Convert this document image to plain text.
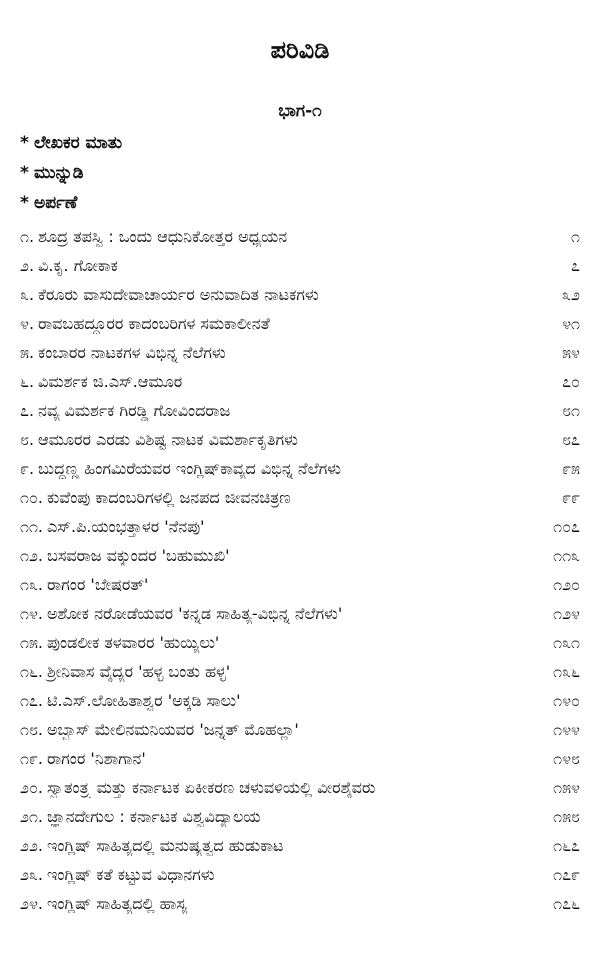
ಪರಿವಿಡಿ
ಭಾಗ-೧
* ಲೇಖಕರ ಮಾತು
* ಮುನ್ನುಡಿ
* ಅರ್ಪಣೆ
೧. ಶೂದ್ರ ತಪಸ್ವಿ : ಒಂದು ಆಧುನಿಕೋತ್ತರ ಅಧ್ಯಯನ	೧
೨. ವಿ.ಕೃ. ಗೋಕಾಕ	೭
೩. ಕೆರೂರು ವಾಸುದೇವಾಚಾರ್ಯರ ಅನುವಾದಿತ ನಾಟಕಗಳು	೩೨
೪. ರಾವಬಹದ್ದೂರರ ಕಾದಂಬರಿಗಳ ಸಮಕಾಲೀನತೆ	೪೧
೫. ಕಂಬಾರರ ನಾಟಕಗಳ ವಿಭಿನ್ನ ನೆಲೆಗಳು	೫೪
೬. ವಿಮರ್ಶಕ ಜಿ.ಎಸ್.ಆಮೂರ	೭೦
೭. ನವ್ಯ ವಿಮರ್ಶಕ ಗಿರಡ್ಡಿ ಗೋವಿಂದರಾಜ	೮೧
೮. ಆಮೂರರ ಎರಡು ವಿಶಿಷ್ಟ ನಾಟಕ ವಿಮರ್ಶಾಕೃತಿಗಳು	೮೭
೯. ಬುದ್ಧಣ್ಣ ಹಿಂಗಮಿರೆಯವರ ಇಂಗ್ಲಿಷ್‌ಕಾವ್ಯದ ವಿಭಿನ್ನ ನೆಲೆಗಳು	೯೫
೧೦. ಕುವೆಂಪು ಕಾದಂಬರಿಗಳಲ್ಲಿ ಜನಪದ ಜೀವನಚಿತ್ರಣ	೯೯
೧೧. ಎಸ್.ಪಿ.ಯಂಭತ್ತಾಳರ 'ನೆನಪು'	೧೦೭
೧೨. ಬಸವರಾಜ ವಕ್ಕುಂದರ 'ಬಹುಮುಖಿ'	೧೧೩
೧೩. ರಾಗಂರ 'ಬೇಷರತ್'	೧೨೦
೧೪. ಅಶೋಕ ನರೋಡೆಯವರ 'ಕನ್ನಡ ಸಾಹಿತ್ಯ-ವಿಭಿನ್ನ ನೆಲೆಗಳು'	೧೨೪
೧೫. ಪುಂಡಲೀಕ ತಳವಾರರ 'ಹುಯ್ಯಿಲು'	೧೩೧
೧೬. ಶ್ರೀನಿವಾಸ ವೈದ್ಯರ 'ಹಳ್ಳ ಬಂತು ಹಳ್ಳ'	೧೩೬
೧೭. ಟಿ.ಎಸ್.ಲೋಹಿತಾಶ್ವರ 'ಅಕ್ಕಡಿ ಸಾಲು'	೧೪೦
೧೮. ಅಬ್ಬಾಸ್ ಮೇಲಿನಮನಿಯವರ 'ಜನ್ನತ್ ಮೊಹಲ್ಲಾ'	೧೪೪
೧೯. ರಾಗಂರ 'ನಿಶಾಗಾನ'	೧೪೮
೨೦. ಸ್ವಾತಂತ್ರ್ಯ ಮತ್ತು ಕರ್ನಾಟಕ ಏಕೀಕರಣ ಚಳುವಳಿಯಲ್ಲಿ ವೀರಶೈವರು	೧೫೪
೨೧. ಜ್ಞಾನದೇಗುಲ : ಕರ್ನಾಟಕ ವಿಶ್ವವಿದ್ಯಾಲಯ	೧೫೮
೨೨. ಇಂಗ್ಲಿಷ್ ಸಾಹಿತ್ಯದಲ್ಲಿ ಮನುಷ್ಯತ್ವದ ಹುಡುಕಾಟ	೧೬೭
೨೩. ಇಂಗ್ಲಿಷ್ ಕತೆ ಕಟ್ಟುವ ವಿಧಾನಗಳು	೧೭೯
೨೪. ಇಂಗ್ಲಿಷ್ ಸಾಹಿತ್ಯದಲ್ಲಿ ಹಾಸ್ಯ	೧೭೬
